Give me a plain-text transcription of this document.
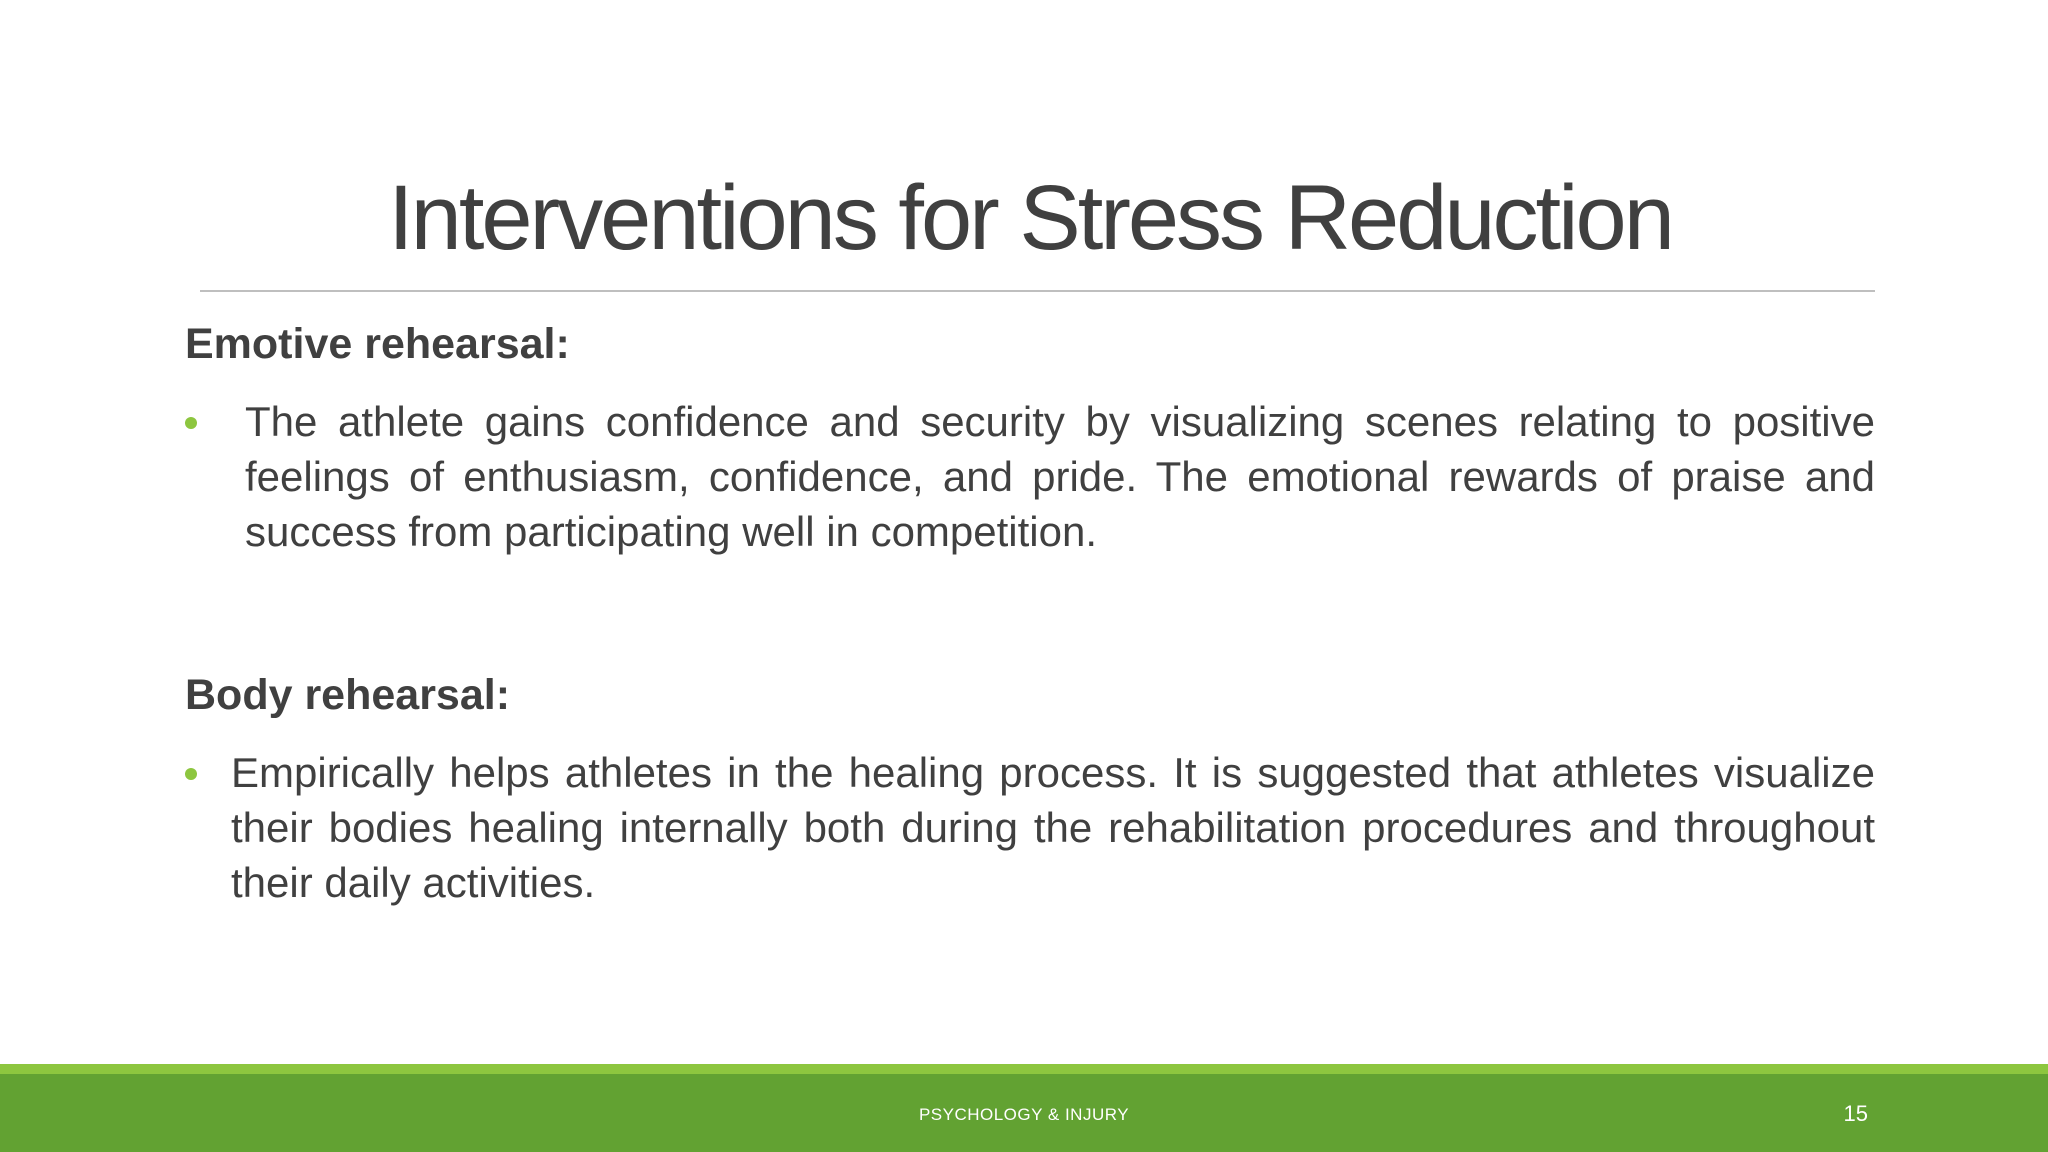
Interventions for Stress Reduction

Emotive rehearsal:

The athlete gains confidence and security by visualizing scenes relating to positive feelings of enthusiasm, confidence, and pride. The emotional rewards of praise and success from participating well in competition.

Body rehearsal:

Empirically helps athletes in the healing process. It is suggested that athletes visualize their bodies healing internally both during the rehabilitation procedures and throughout their daily activities.
PSYCHOLOGY & INJURY	15
